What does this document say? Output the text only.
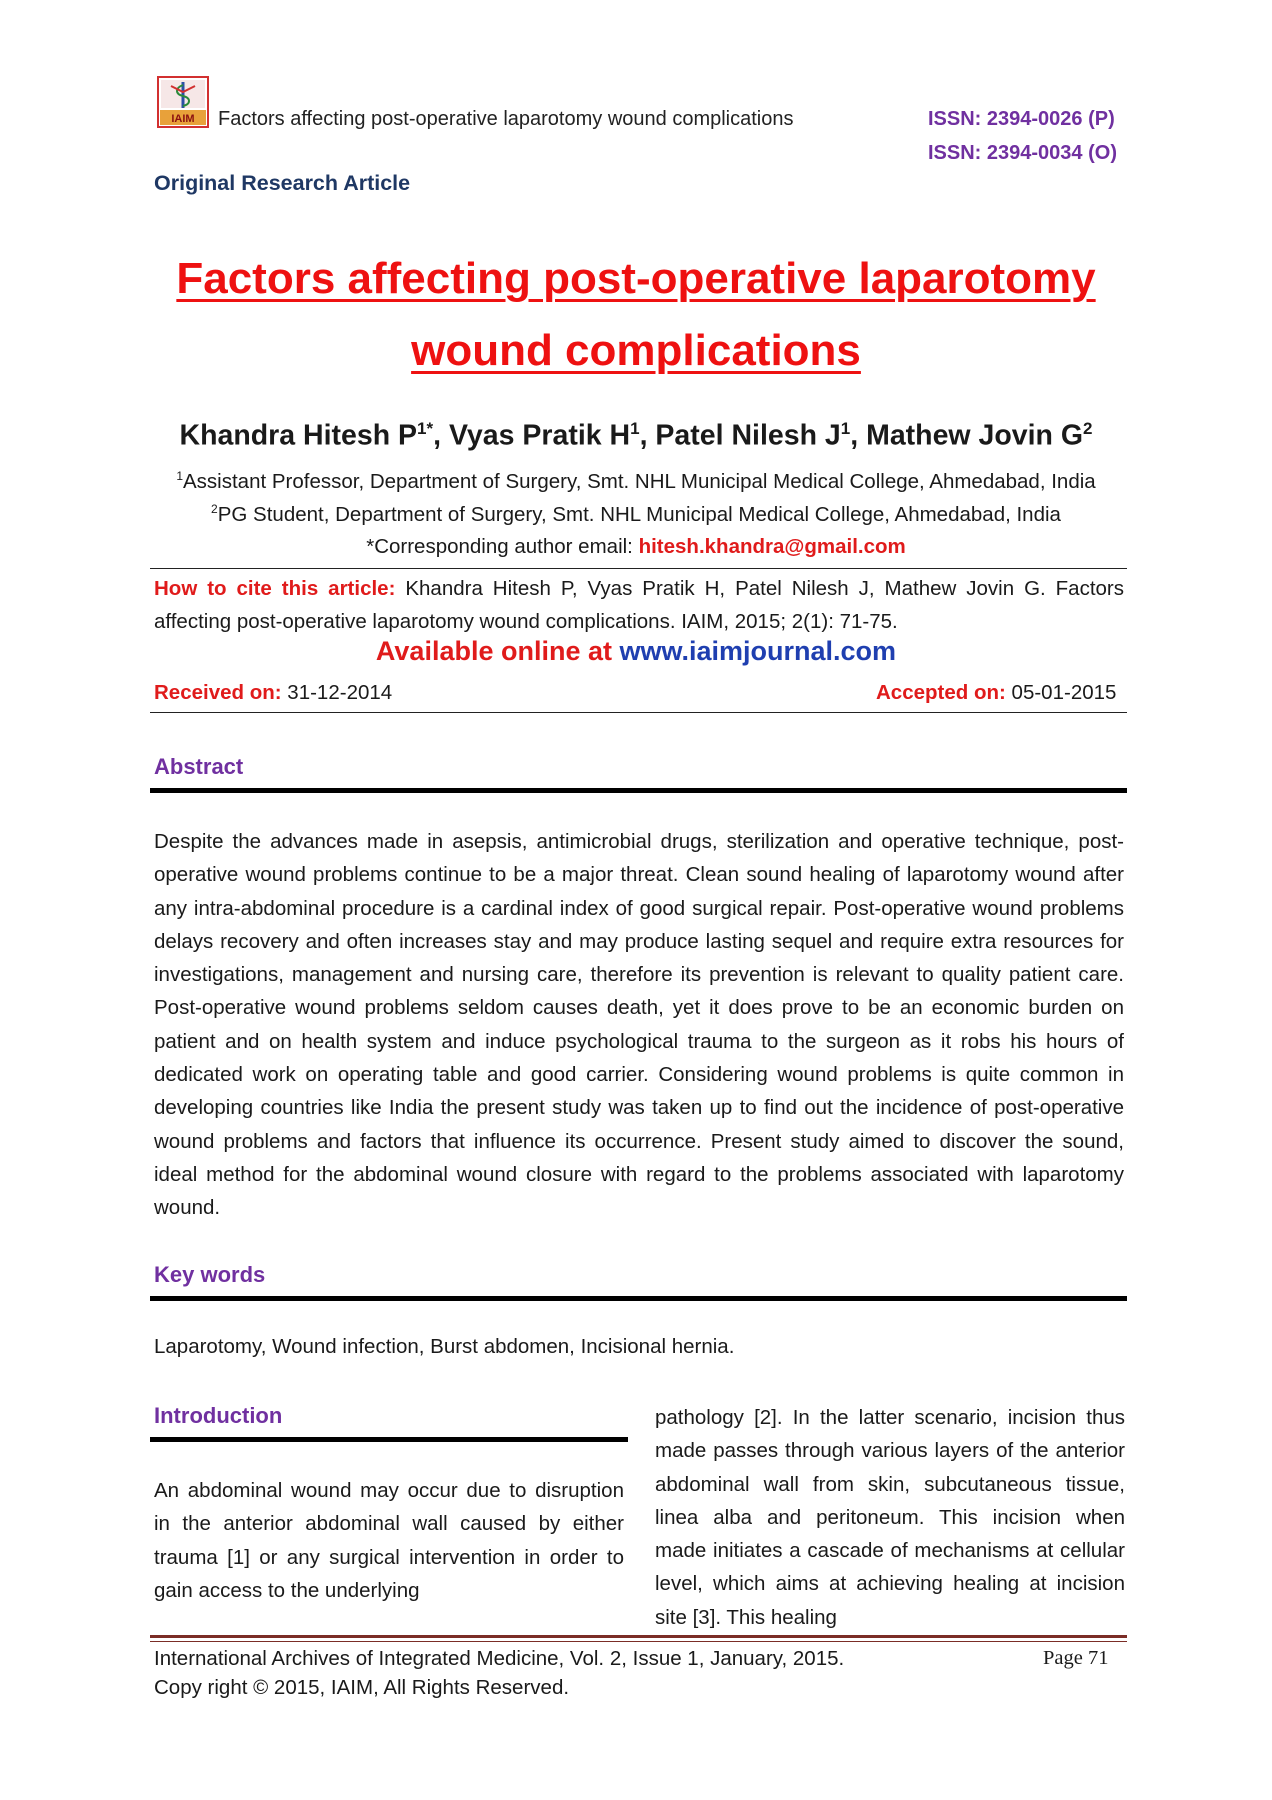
IAIM Factors affecting post-operative laparotomy wound complications	ISSN: 2394-0026 (P)
ISSN: 2394-0034 (O)
Original Research Article
Factors affecting post-operative laparotomy
wound complications
Khandra Hitesh $P^{1*}$, Vyas Pratik $H^1$, Patel Nilesh $J^1$, Mathew Jovin $G^2$
$^1$Assistant Professor, Department of Surgery, Smt. NHL Municipal Medical College, Ahmedabad, India
$^2$PG Student, Department of Surgery, Smt. NHL Municipal Medical College, Ahmedabad, India
*Corresponding author email: hitesh.khandra@gmail.com
How to cite this article: Khandra Hitesh P, Vyas Pratik H, Patel Nilesh J, Mathew Jovin G. Factors affecting post-operative laparotomy wound complications. IAIM, 2015; 2(1): 71-75.
Available online at www.iaimjournal.com
Received on: 31-12-2014	Accepted on: 05-01-2015
Abstract
Despite the advances made in asepsis, antimicrobial drugs, sterilization and operative technique, post-operative wound problems continue to be a major threat. Clean sound healing of laparotomy wound after any intra-abdominal procedure is a cardinal index of good surgical repair. Post-operative wound problems delays recovery and often increases stay and may produce lasting sequel and require extra resources for investigations, management and nursing care, therefore its prevention is relevant to quality patient care. Post-operative wound problems seldom causes death, yet it does prove to be an economic burden on patient and on health system and induce psychological trauma to the surgeon as it robs his hours of dedicated work on operating table and good carrier. Considering wound problems is quite common in developing countries like India the present study was taken up to find out the incidence of post-operative wound problems and factors that influence its occurrence. Present study aimed to discover the sound, ideal method for the abdominal wound closure with regard to the problems associated with laparotomy wound.
Key words
Laparotomy, Wound infection, Burst abdomen, Incisional hernia.
Introduction
An abdominal wound may occur due to disruption in the anterior abdominal wall caused by either trauma [1] or any surgical intervention in order to gain access to the underlying
pathology [2]. In the latter scenario, incision thus made passes through various layers of the anterior abdominal wall from skin, subcutaneous tissue, linea alba and peritoneum. This incision when made initiates a cascade of mechanisms at cellular level, which aims at achieving healing at incision site [3]. This healing
International Archives of Integrated Medicine, Vol. 2, Issue 1, January, 2015.
Copy right © 2015, IAIM, All Rights Reserved.
Page 71
